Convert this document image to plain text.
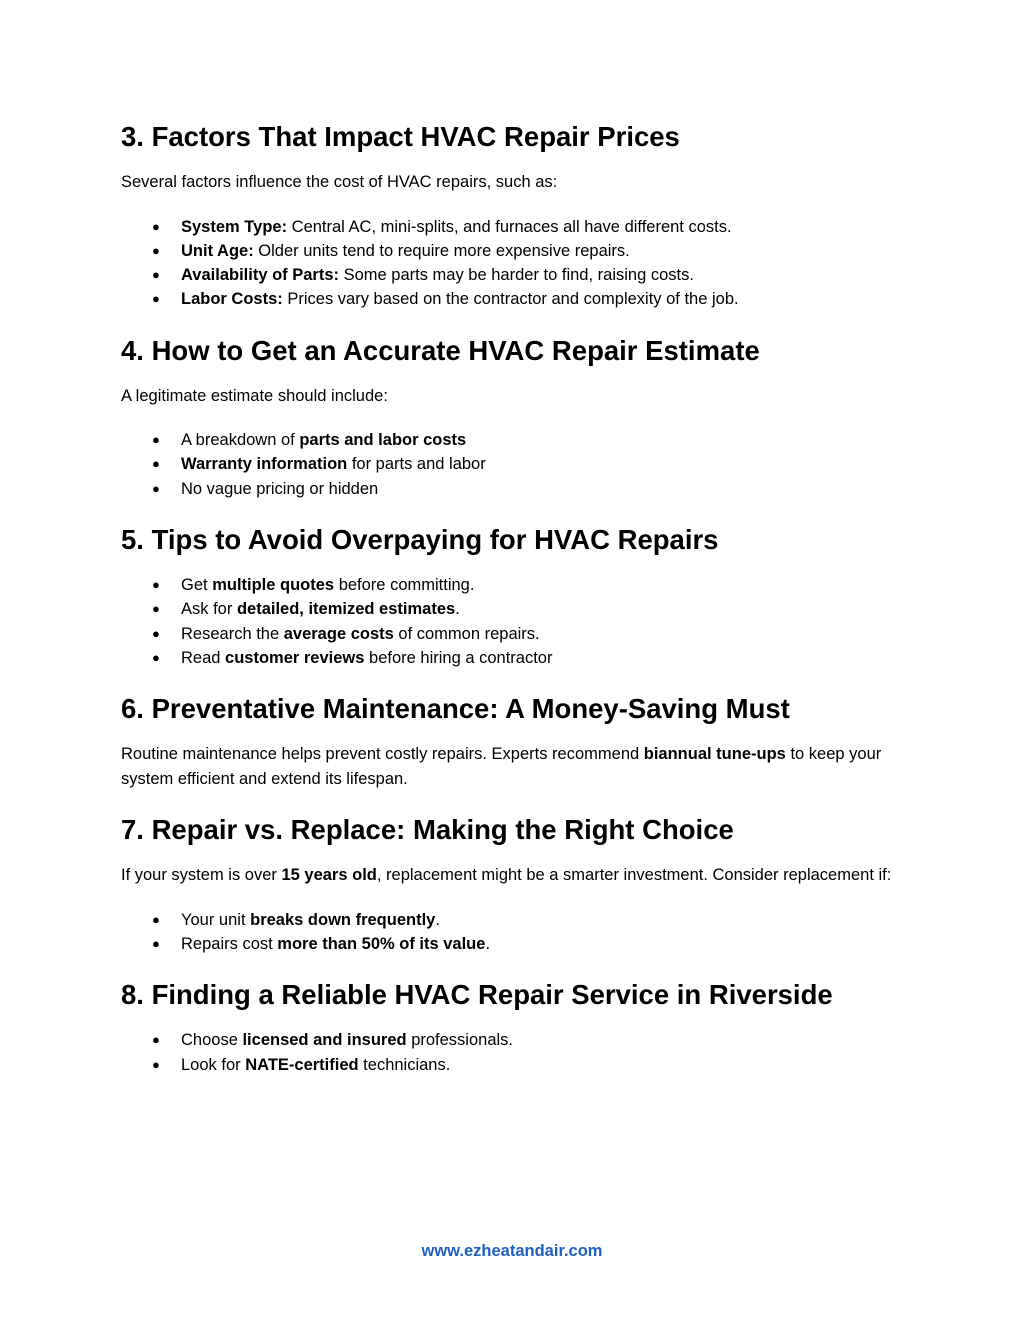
3. Factors That Impact HVAC Repair Prices

Several factors influence the cost of HVAC repairs, such as:

● System Type: Central AC, mini-splits, and furnaces all have different costs.
● Unit Age: Older units tend to require more expensive repairs.
● Availability of Parts: Some parts may be harder to find, raising costs.
● Labor Costs: Prices vary based on the contractor and complexity of the job.
4. How to Get an Accurate HVAC Repair Estimate

A legitimate estimate should include:

● A breakdown of parts and labor costs
● Warranty information for parts and labor
● No vague pricing or hidden
5. Tips to Avoid Overpaying for HVAC Repairs
● Get multiple quotes before committing.
● Ask for detailed, itemized estimates.
● Research the average costs of common repairs.
● Read customer reviews before hiring a contractor
6. Preventative Maintenance: A Money-Saving Must

Routine maintenance helps prevent costly repairs. Experts recommend biannual tune-ups to keep your system efficient and extend its lifespan.

7. Repair vs. Replace: Making the Right Choice

If your system is over 15 years old, replacement might be a smarter investment. Consider replacement if:

● Your unit breaks down frequently.
● Repairs cost more than 50% of its value.
8. Finding a Reliable HVAC Repair Service in Riverside
● Choose licensed and insured professionals.
● Look for NATE-certified technicians.
www.ezheatandair.com
